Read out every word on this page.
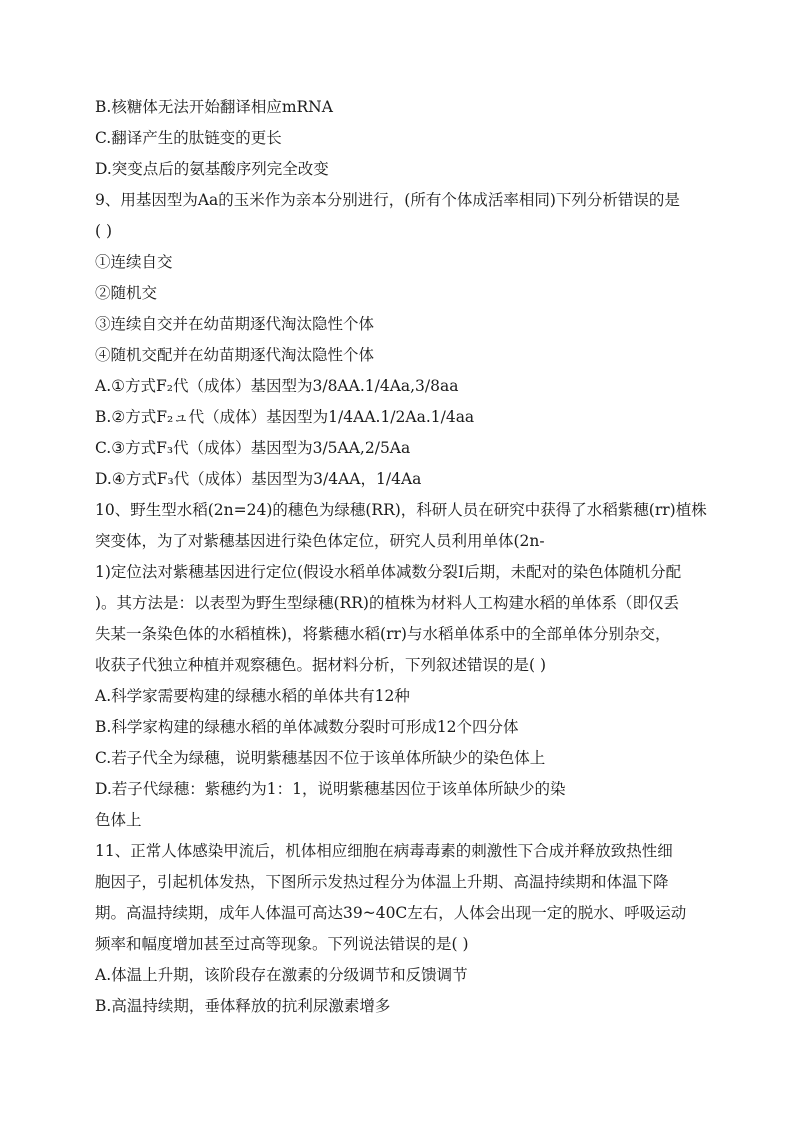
B.核糖体无法开始翻译相应mRNA
C.翻译产生的肽链变的更长
D.突变点后的氨基酸序列完全改变
9、用基因型为Aa的玉米作为亲本分别进行，(所有个体成活率相同)下列分析错误的是
( )
①连续自交
②随机交
③连续自交并在幼苗期逐代淘汰隐性个体
④随机交配并在幼苗期逐代淘汰隐性个体
A.①方式F₂代（成体）基因型为3/8AA.1/4Aa,3/8aa
B.②方式F₂ュ代（成体）基因型为1/4AA.1/2Aa.1/4aa
C.③方式F₃代（成体）基因型为3/5AA,2/5Aa
D.④方式F₃代（成体）基因型为3/4AA，1/4Aa
10、野生型水稻(2n=24)的穗色为绿穗(RR)，科研人员在研究中获得了水稻紫穗(rr)植株
突变体，为了对紫穗基因进行染色体定位，研究人员利用单体(2n-
1)定位法对紫穗基因进行定位(假设水稻单体减数分裂I后期，未配对的染色体随机分配
)。其方法是：以表型为野生型绿穗(RR)的植株为材料人工构建水稻的单体系（即仅丢
失某一条染色体的水稻植株)，将紫穗水稻(rr)与水稻单体系中的全部单体分别杂交，
收获子代独立种植并观察穗色。据材料分析，下列叙述错误的是( )
A.科学家需要构建的绿穗水稻的单体共有12种
B.科学家构建的绿穗水稻的单体减数分裂时可形成12个四分体
C.若子代全为绿穗，说明紫穗基因不位于该单体所缺少的染色体上
D.若子代绿穗：紫穗约为1：1，说明紫穗基因位于该单体所缺少的染
色体上
11、正常人体感染甲流后，机体相应细胞在病毒毒素的刺激性下合成并释放致热性细
胞因子，引起机体发热，下图所示发热过程分为体温上升期、高温持续期和体温下降
期。高温持续期，成年人体温可高达39~40C左右，人体会出现一定的脱水、呼吸运动
频率和幅度增加甚至过高等现象。下列说法错误的是( )
A.体温上升期，该阶段存在激素的分级调节和反馈调节
B.高温持续期，垂体释放的抗利尿激素增多
